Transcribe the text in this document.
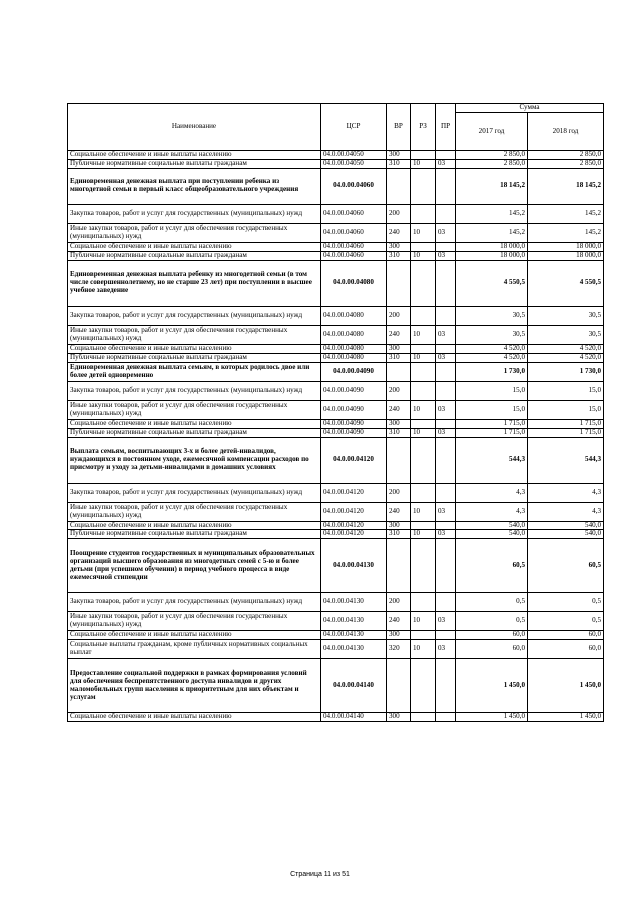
Наименование	ЦСР	ВР	РЗ	ПР	Сумма	
					2017 год	2018 год
Социальное обеспечение и иные выплаты населению	04.0.00.04050	300			2 850,0	2 850,0
Публичные нормативные социальные выплаты гражданам	04.0.00.04050	310	10	03	2 850,0	2 850,0
Единовременная денежная выплата при поступлении ребенка из многодетной семьи в первый класс общеобразовательного учреждения	04.0.00.04060				18 145,2	18 145,2
Закупка товаров, работ и услуг для государственных (муниципальных) нужд	04.0.00.04060	200			145,2	145,2
Иные закупки товаров, работ и услуг для обеспечения государственных (муниципальных) нужд	04.0.00.04060	240	10	03	145,2	145,2
Социальное обеспечение и иные выплаты населению	04.0.00.04060	300			18 000,0	18 000,0
Публичные нормативные социальные выплаты гражданам	04.0.00.04060	310	10	03	18 000,0	18 000,0
Единовременная денежная выплата ребенку из многодетной семьи (в том числе совершеннолетнему, но не старше 23 лет) при поступлении в высшее учебное заведение	04.0.00.04080				4 550,5	4 550,5
Закупка товаров, работ и услуг для государственных (муниципальных) нужд	04.0.00.04080	200			30,5	30,5
Иные закупки товаров, работ и услуг для обеспечения государственных (муниципальных) нужд	04.0.00.04080	240	10	03	30,5	30,5
Социальное обеспечение и иные выплаты населению	04.0.00.04080	300			4 520,0	4 520,0
Публичные нормативные социальные выплаты гражданам	04.0.00.04080	310	10	03	4 520,0	4 520,0
Единовременная денежная выплата семьям, в которых родилось двое или более детей одновременно	04.0.00.04090				1 730,0	1 730,0
Закупка товаров, работ и услуг для государственных (муниципальных) нужд	04.0.00.04090	200			15,0	15,0
Иные закупки товаров, работ и услуг для обеспечения государственных (муниципальных) нужд	04.0.00.04090	240	10	03	15,0	15,0
Социальное обеспечение и иные выплаты населению	04.0.00.04090	300			1 715,0	1 715,0
Публичные нормативные социальные выплаты гражданам	04.0.00.04090	310	10	03	1 715,0	1 715,0
Выплата семьям, воспитывающих 3-х и более детей-инвалидов, нуждающихся в постоянном уходе, ежемесячной компенсации расходов по присмотру и уходу за детьми-инвалидами в домашних условиях	04.0.00.04120				544,3	544,3
Закупка товаров, работ и услуг для государственных (муниципальных) нужд	04.0.00.04120	200			4,3	4,3
Иные закупки товаров, работ и услуг для обеспечения государственных (муниципальных) нужд	04.0.00.04120	240	10	03	4,3	4,3
Социальное обеспечение и иные выплаты населению	04.0.00.04120	300			540,0	540,0
Публичные нормативные социальные выплаты гражданам	04.0.00.04120	310	10	03	540,0	540,0
Поощрение студентов государственных и муниципальных образовательных организаций высшего образования из многодетных семей с 5-ю и более детьми (при успешном обучении) в период учебного процесса в виде ежемесячной стипендии	04.0.00.04130				60,5	60,5
Закупка товаров, работ и услуг для государственных (муниципальных) нужд	04.0.00.04130	200			0,5	0,5
Иные закупки товаров, работ и услуг для обеспечения государственных (муниципальных) нужд	04.0.00.04130	240	10	03	0,5	0,5
Социальное обеспечение и иные выплаты населению	04.0.00.04130	300			60,0	60,0
Социальные выплаты гражданам, кроме публичных нормативных социальных выплат	04.0.00.04130	320	10	03	60,0	60,0
Предоставление социальной поддержки в рамках формирования условий для обеспечения беспрепятственного доступа инвалидов и других маломобильных групп населения к приоритетным для них объектам и услугам	04.0.00.04140				1 450,0	1 450,0
Социальное обеспечение и иные выплаты населению	04.0.00.04140	300			1 450,0	1 450,0
Страница 11 из 51
